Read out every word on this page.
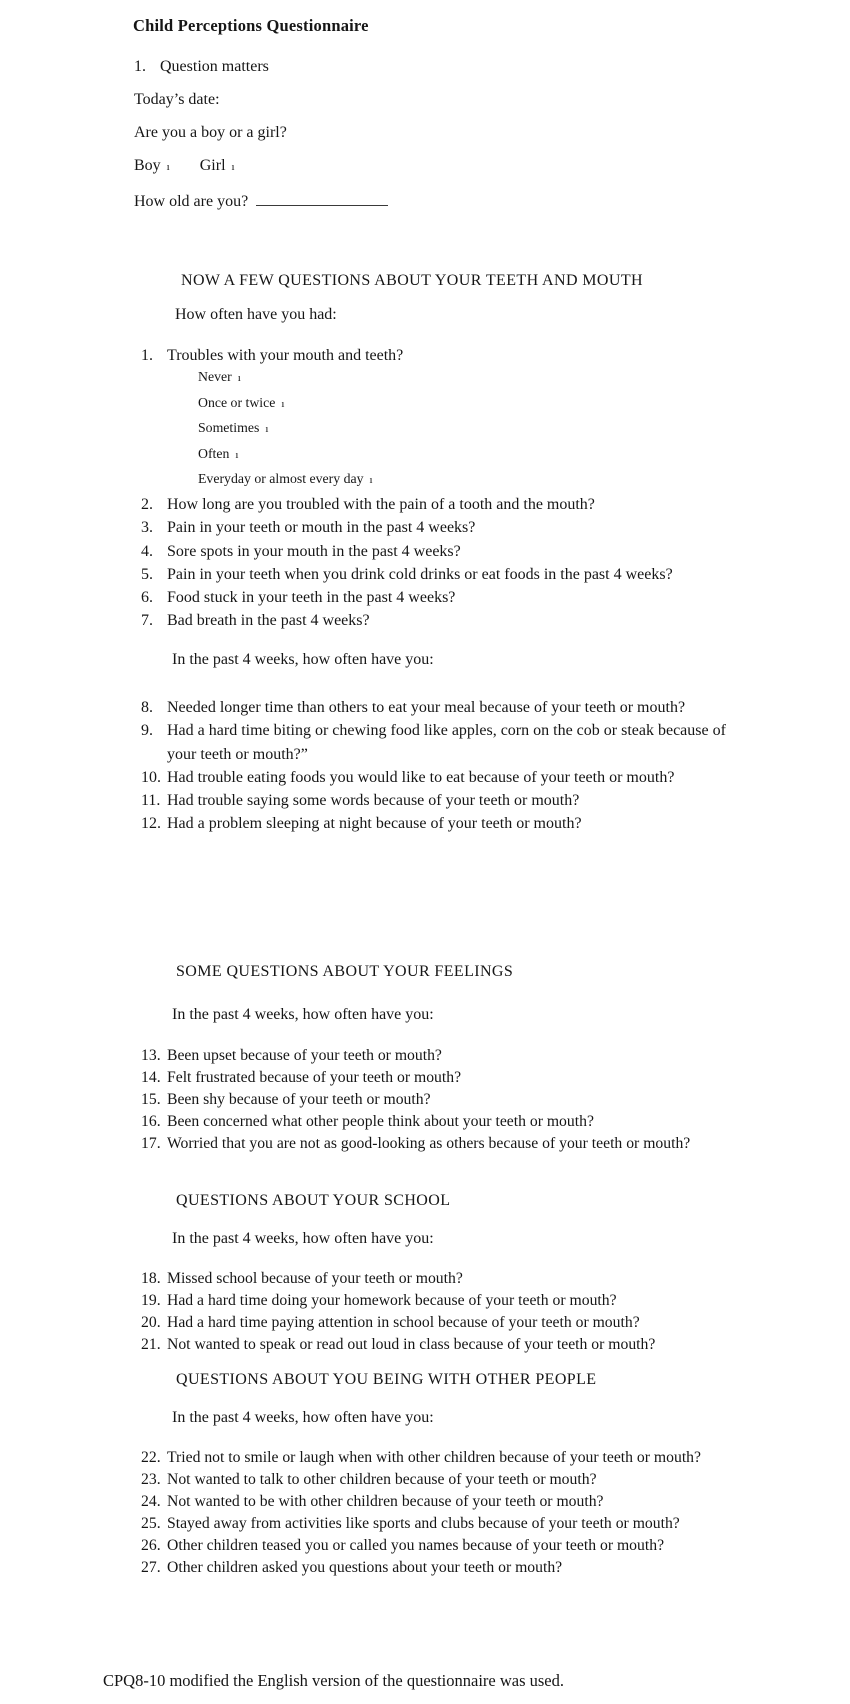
Child Perceptions Questionnaire
1. Question matters
Today’s date:
Are you a boy or a girl?
Boy ı Girl ı
How old are you?
NOW A FEW QUESTIONS ABOUT YOUR TEETH AND MOUTH
How often have you had:
1. Troubles with your mouth and teeth?
Never ı
Once or twice ı
Sometimes ı
Often ı
Everyday or almost every day ı
2. How long are you troubled with the pain of a tooth and the mouth?
3. Pain in your teeth or mouth in the past 4 weeks?
4. Sore spots in your mouth in the past 4 weeks?
5. Pain in your teeth when you drink cold drinks or eat foods in the past 4 weeks?
6. Food stuck in your teeth in the past 4 weeks?
7. Bad breath in the past 4 weeks?
In the past 4 weeks, how often have you:
8. Needed longer time than others to eat your meal because of your teeth or mouth?
9. Had a hard time biting or chewing food like apples, corn on the cob or steak because of your teeth or mouth?”
10. Had trouble eating foods you would like to eat because of your teeth or mouth?
11. Had trouble saying some words because of your teeth or mouth?
12. Had a problem sleeping at night because of your teeth or mouth?
SOME QUESTIONS ABOUT YOUR FEELINGS
In the past 4 weeks, how often have you:
13. Been upset because of your teeth or mouth?
14. Felt frustrated because of your teeth or mouth?
15. Been shy because of your teeth or mouth?
16. Been concerned what other people think about your teeth or mouth?
17. Worried that you are not as good-looking as others because of your teeth or mouth?
QUESTIONS ABOUT YOUR SCHOOL
In the past 4 weeks, how often have you:
18. Missed school because of your teeth or mouth?
19. Had a hard time doing your homework because of your teeth or mouth?
20. Had a hard time paying attention in school because of your teeth or mouth?
21. Not wanted to speak or read out loud in class because of your teeth or mouth?
QUESTIONS ABOUT YOU BEING WITH OTHER PEOPLE
In the past 4 weeks, how often have you:
22. Tried not to smile or laugh when with other children because of your teeth or mouth?
23. Not wanted to talk to other children because of your teeth or mouth?
24. Not wanted to be with other children because of your teeth or mouth?
25. Stayed away from activities like sports and clubs because of your teeth or mouth?
26. Other children teased you or called you names because of your teeth or mouth?
27. Other children asked you questions about your teeth or mouth?
CPQ8-10 modified the English version of the questionnaire was used.
